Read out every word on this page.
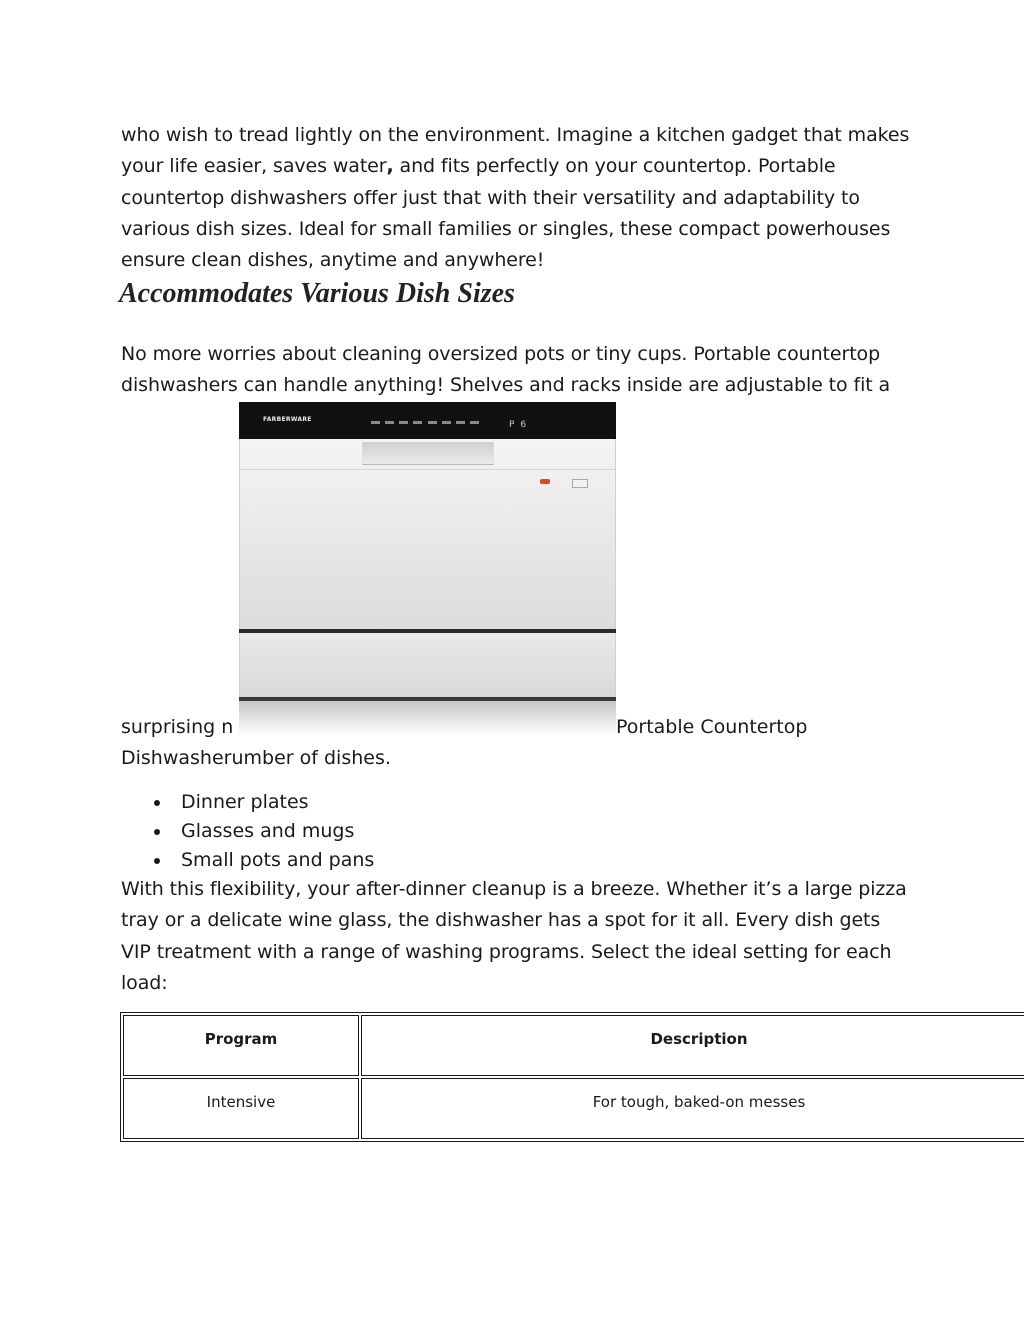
who wish to tread lightly on the environment. Imagine a kitchen gadget that makes your life easier, saves water, and fits perfectly on your countertop. Portable countertop dishwashers offer just that with their versatility and adaptability to various dish sizes. Ideal for small families or singles, these compact powerhouses ensure clean dishes, anytime and anywhere!

Accommodates Various Dish Sizes

No more worries about cleaning oversized pots or tiny cups. Portable countertop dishwashers can handle anything! Shelves and racks inside are adjustable to fit a

FARBERWARE
P6

surprising n	Portable Countertop

Dishwasherumber of dishes.

Dinner plates
Glasses and mugs
Small pots and pans

With this flexibility, your after-dinner cleanup is a breeze. Whether it’s a large pizza tray or a delicate wine glass, the dishwasher has a spot for it all. Every dish gets VIP treatment with a range of washing programs. Select the ideal setting for each load:

Program	Description
Intensive	For tough, baked-on messes
